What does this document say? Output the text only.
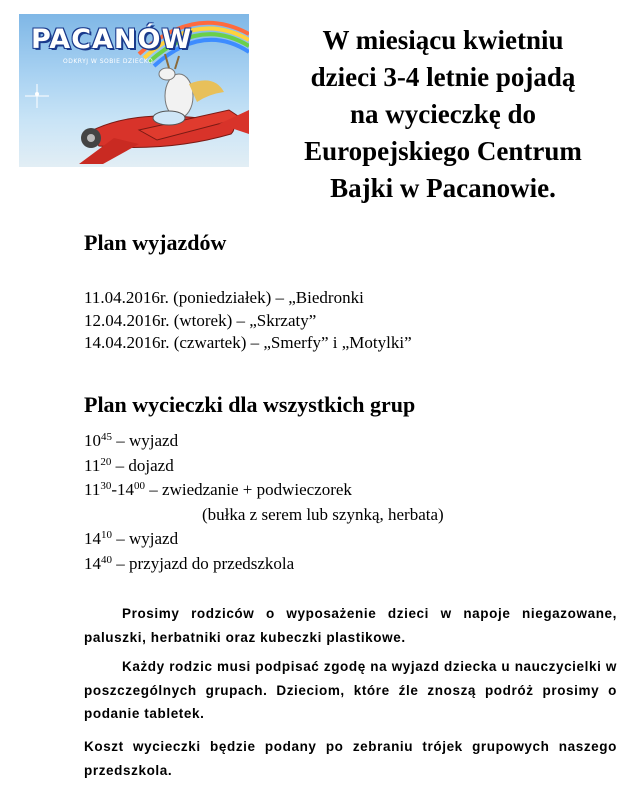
PACANÓW
ODKRYJ W SOBIE DZIECKO
W miesiącu kwietniu
dzieci 3-4 letnie pojadą
na wycieczkę do
Europejskiego Centrum
Bajki w Pacanowie.
Plan wyjazdów
11.04.2016r. (poniedziałek) – „Biedronki
12.04.2016r. (wtorek) – „Skrzaty”
14.04.2016r. (czwartek) – „Smerfy” i „Motylki”
Plan wycieczki dla wszystkich grup
$10^{45}$ – wyjazd
$11^{20}$ – dojazd
$11^{30}-14^{00}$ – zwiedzanie + podwieczorek
(bułka z serem lub szynką, herbata)
$14^{10}$ – wyjazd
$14^{40}$ – przyjazd do przedszkola
Prosimy rodziców o wyposażenie dzieci w napoje niegazowane, paluszki, herbatniki oraz kubeczki plastikowe.
Każdy rodzic musi podpisać zgodę na wyjazd dziecka u nauczycielki w poszczególnych grupach. Dzieciom, które źle znoszą podróż prosimy o podanie tabletek.
Koszt wycieczki będzie podany po zebraniu trójek grupowych naszego przedszkola.
